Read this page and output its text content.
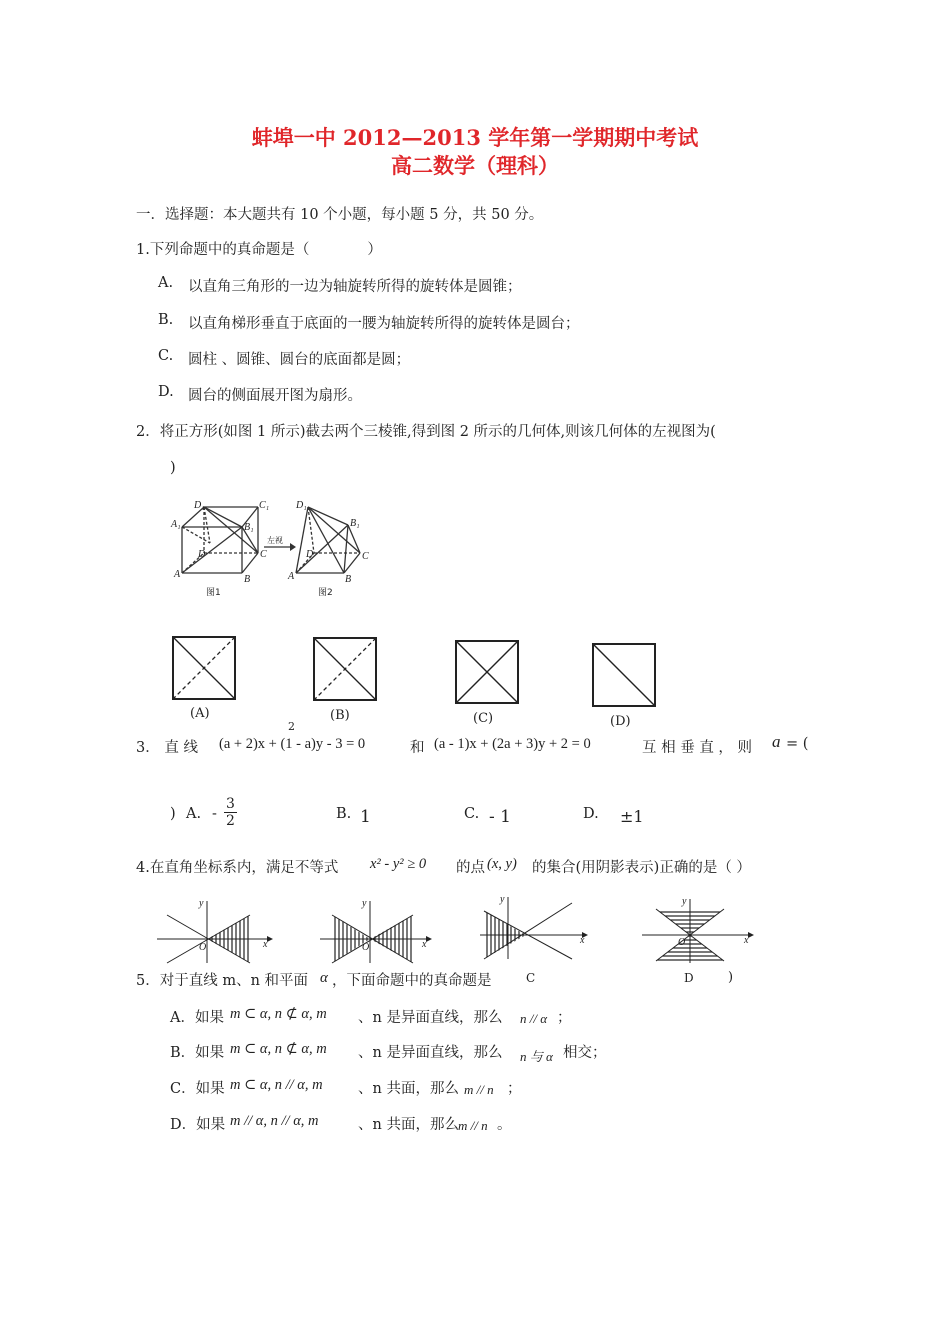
蚌埠一中 2012—2013 学年第一学期期中考试
高二数学（理科）
一．选择题：本大题共有 10 个小题，每小题 5 分，共 50 分。
1.下列命题中的真命题是（　　　　）
A. 以直角三角形的一边为轴旋转所得的旋转体是圆锥；
B. 以直角梯形垂直于底面的一腰为轴旋转所得的旋转体是圆台；
C. 圆柱 、圆锥、圆台的底面都是圆；
D. 圆台的侧面展开图为扇形。
2．将正方形(如图 1 所示)截去两个三棱锥,得到图 2 所示的几何体,则该几何体的左视图为(
)
D₁	C₁
A₁	B₁
D	C
A	B
图1
左视
D₁
B₁
D	C
A	B
图2
(A)	(B)
2
(C)	(D)
3． 直 线 (a + 2)x + (1 - a)y - 3 = 0	和 (a - 1)x + (2a + 3)y + 2 = 0	互 相 垂 直 ， 则 a = (
) A. - $\frac{3}{2}$	B. 1	C. - 1	D. ±1
4.在直角坐标系内，满足不等式 x² - y² ≥ 0 的点 (x, y) 的集合(用阴影表示)正确的是（ ）
y
x
O
y
x
O
y
x
y
x
O
5．对于直线 m、n 和平面 α ，下面命题中的真命题是	C	D	)
A．如果 m ⊂ α, n ⊄ α, m 、n 是异面直线，那么 n // α ；
B．如果 m ⊂ α, n ⊄ α, m 、n 是异面直线，那么 n 与 α 相交；
C．如果 m ⊂ α, n // α, m 、n 共面，那么 m // n ；
D．如果 m // α, n // α, m	、n 共面，那么 m // n 。
